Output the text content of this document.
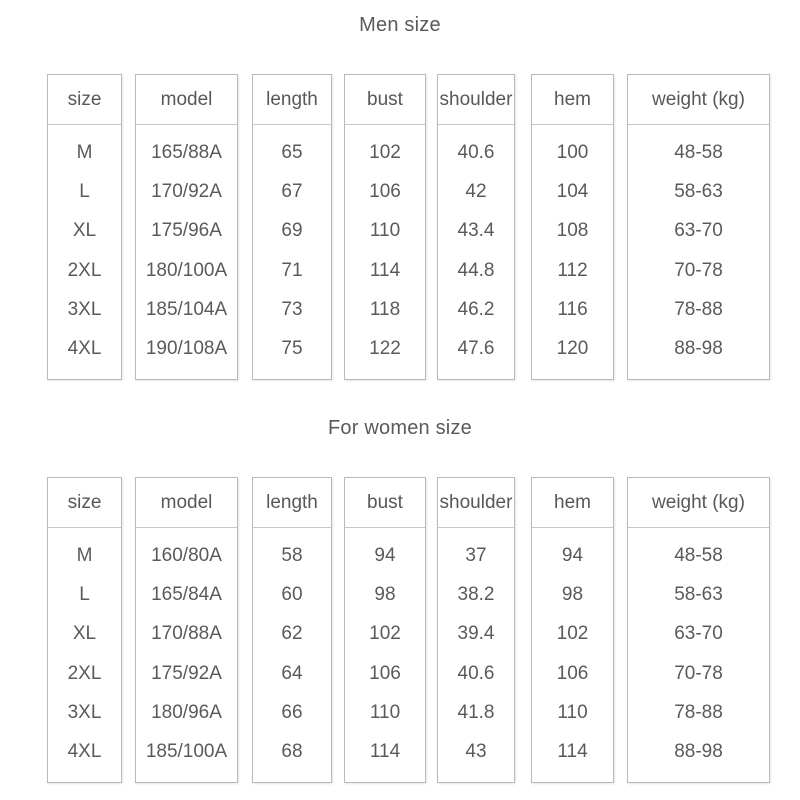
Men size
size
M
L
XL
2XL
3XL
4XL
model
165/88A
170/92A
175/96A
180/100A
185/104A
190/108A
length
65
67
69
71
73
75
bust
102
106
110
114
118
122
shoulder
40.6
42
43.4
44.8
46.2
47.6
hem
100
104
108
112
116
120
weight (kg)
48-58
58-63
63-70
70-78
78-88
88-98
For women size
size
M
L
XL
2XL
3XL
4XL
model
160/80A
165/84A
170/88A
175/92A
180/96A
185/100A
length
58
60
62
64
66
68
bust
94
98
102
106
110
114
shoulder
37
38.2
39.4
40.6
41.8
43
hem
94
98
102
106
110
114
weight (kg)
48-58
58-63
63-70
70-78
78-88
88-98
